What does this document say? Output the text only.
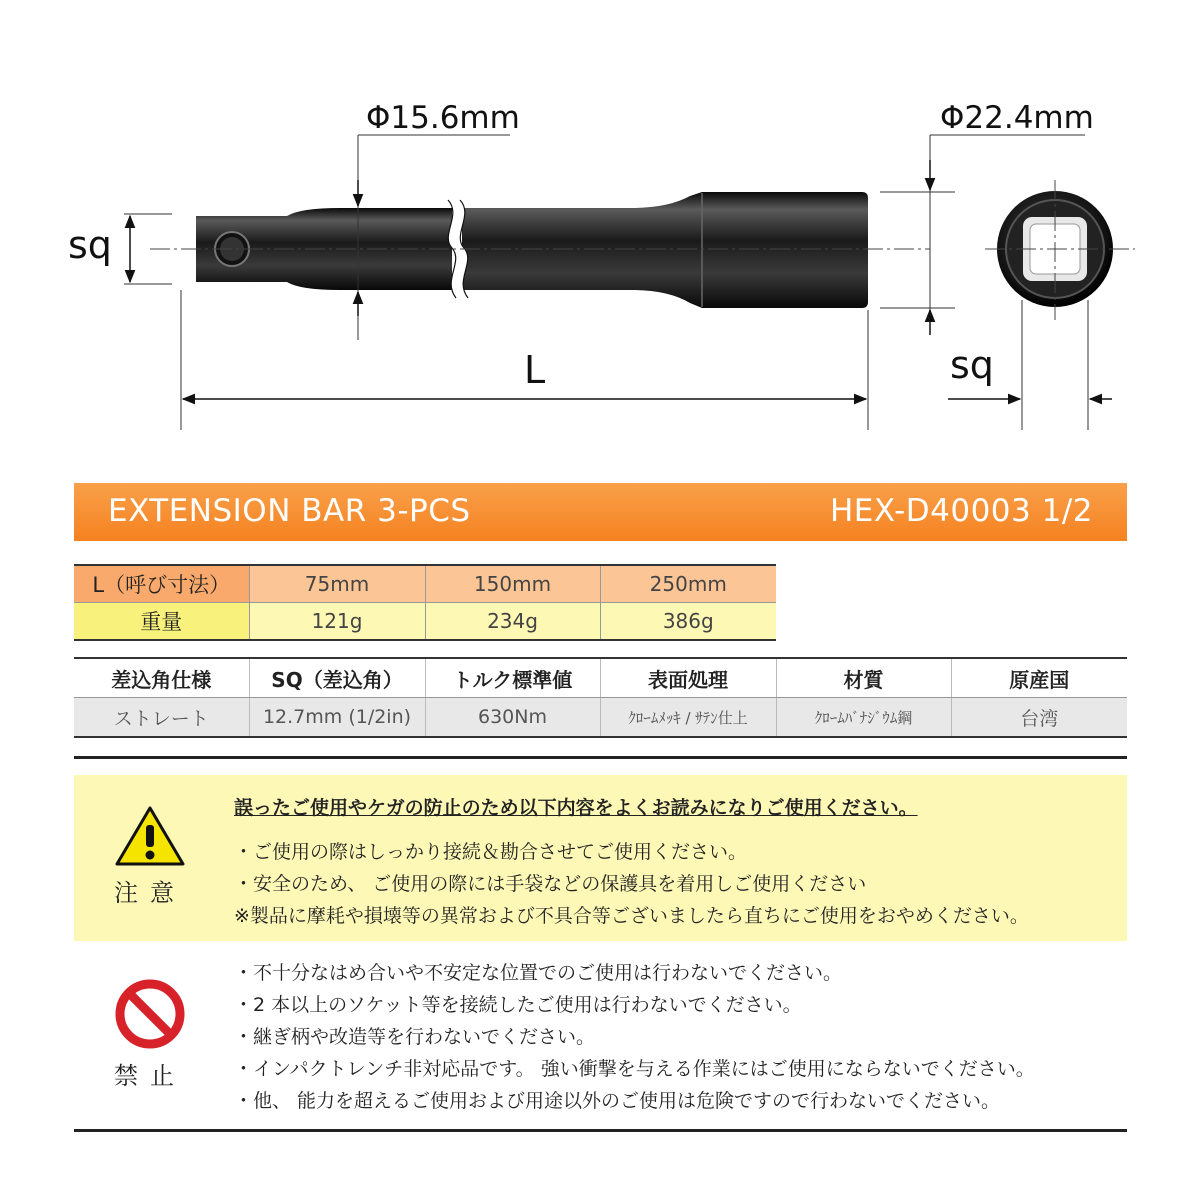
sq
Φ15.6mm	Φ22.4mm
L	sq
EXTENSION BAR 3-PCS	HEX-D40003 1/2
L（呼び寸法）	75mm	150mm	250mm
重量	121g	234g	386g
差込角仕様	SQ（差込角）	トルク標準値	表面処理	材質	原産国
ストレート	12.7mm (1/2in)	630Nm	ｸﾛｰﾑﾒｯｷ / ｻﾃﾝ仕上	ｸﾛｰﾑﾊﾞﾅｼﾞｳﾑ鋼	台湾
注意
誤ったご使用やケガの防止のため以下内容をよくお読みになりご使用ください。
・ご使用の際はしっかり接続＆勘合させてご使用ください。
・安全のため、 ご使用の際には手袋などの保護具を着用しご使用ください
※製品に摩耗や損壊等の異常および不具合等ございましたら直ちにご使用をおやめください。
禁止
・不十分なはめ合いや不安定な位置でのご使用は行わないでください。
・2 本以上のソケット等を接続したご使用は行わないでください。
・継ぎ柄や改造等を行わないでください。
・インパクトレンチ非対応品です。 強い衝撃を与える作業にはご使用にならないでください。
・他、 能力を超えるご使用および用途以外のご使用は危険ですので行わないでください。
